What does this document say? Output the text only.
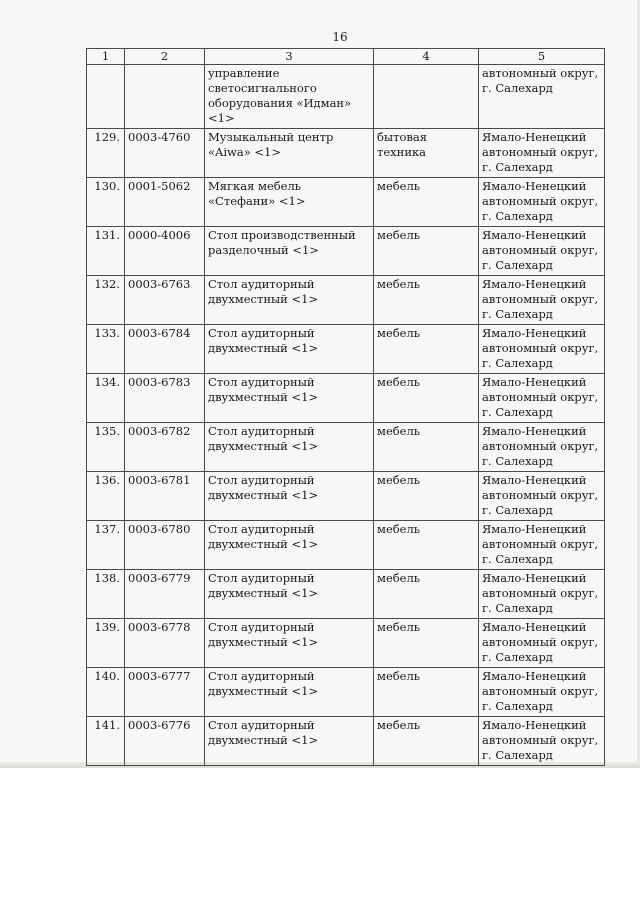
16
1	2	3	4	5
		управление светосигнального оборудования «Идман» <1>		автономный округ, г. Салехард
129.	0003-4760	Музыкальный центр «Aiwa» <1>	бытовая техника	Ямало-Ненецкий автономный округ, г. Салехард
130.	0001-5062	Мягкая мебель «Стефани» <1>	мебель	Ямало-Ненецкий автономный округ, г. Салехард
131.	0000-4006	Стол производственный разделочный <1>	мебель	Ямало-Ненецкий автономный округ, г. Салехард
132.	0003-6763	Стол аудиторный двухместный <1>	мебель	Ямало-Ненецкий автономный округ, г. Салехард
133.	0003-6784	Стол аудиторный двухместный <1>	мебель	Ямало-Ненецкий автономный округ, г. Салехард
134.	0003-6783	Стол аудиторный двухместный <1>	мебель	Ямало-Ненецкий автономный округ, г. Салехард
135.	0003-6782	Стол аудиторный двухместный <1>	мебель	Ямало-Ненецкий автономный округ, г. Салехард
136.	0003-6781	Стол аудиторный двухместный <1>	мебель	Ямало-Ненецкий автономный округ, г. Салехард
137.	0003-6780	Стол аудиторный двухместный <1>	мебель	Ямало-Ненецкий автономный округ, г. Салехард
138.	0003-6779	Стол аудиторный двухместный <1>	мебель	Ямало-Ненецкий автономный округ, г. Салехард
139.	0003-6778	Стол аудиторный двухместный <1>	мебель	Ямало-Ненецкий автономный округ, г. Салехард
140.	0003-6777	Стол аудиторный двухместный <1>	мебель	Ямало-Ненецкий автономный округ, г. Салехард
141.	0003-6776	Стол аудиторный двухместный <1>	мебель	Ямало-Ненецкий автономный округ, г. Салехард
